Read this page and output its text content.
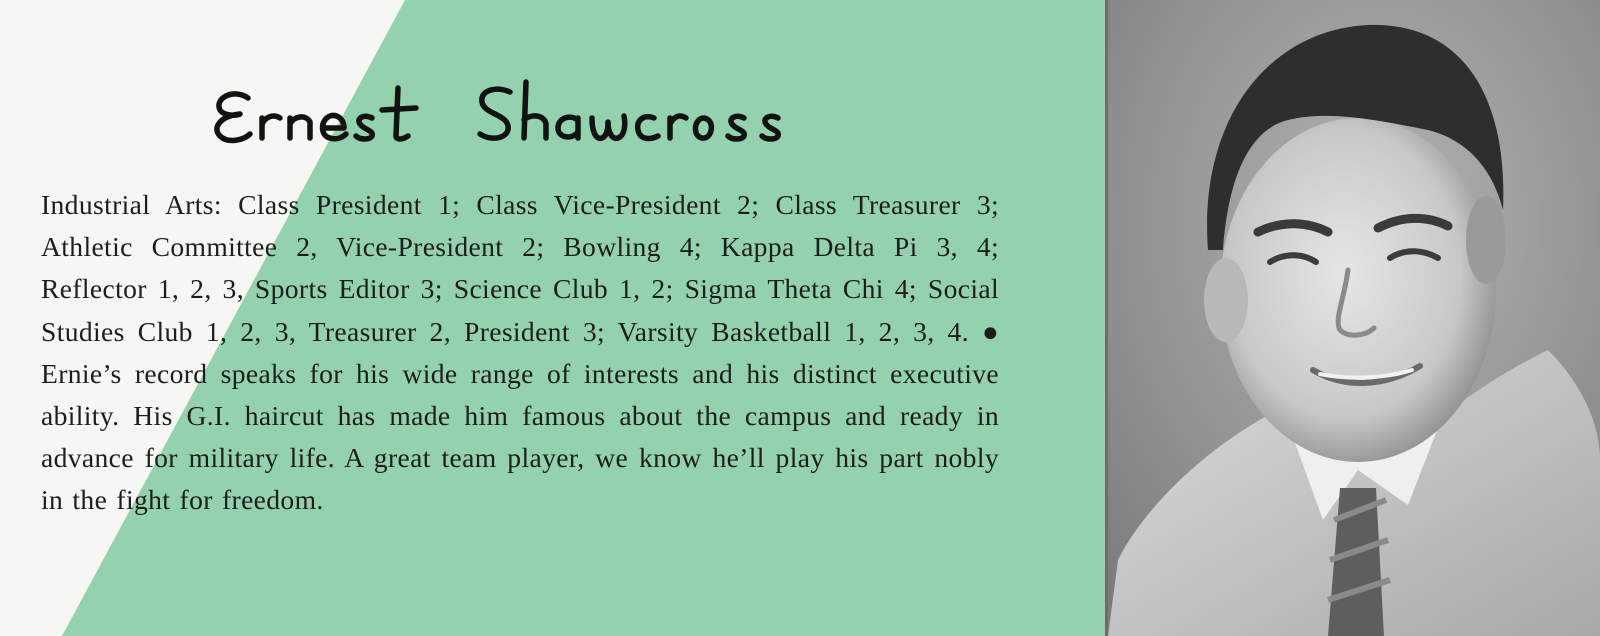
Industrial Arts: Class President 1; Class Vice-President 2; Class Treasurer 3; Athletic Committee 2, Vice-President 2; Bowling 4; Kappa Delta Pi 3, 4; Reflector 1, 2, 3, Sports Editor 3; Science Club 1, 2; Sigma Theta Chi 4; Social Studies Club 1, 2, 3, Treasurer 2, President 3; Varsity Basketball 1, 2, 3, 4. ● Ernie’s record speaks for his wide range of interests and his distinct executive ability. His G.I. haircut has made him famous about the campus and ready in advance for military life. A great team player, we know he’ll play his part nobly in the fight for freedom.
